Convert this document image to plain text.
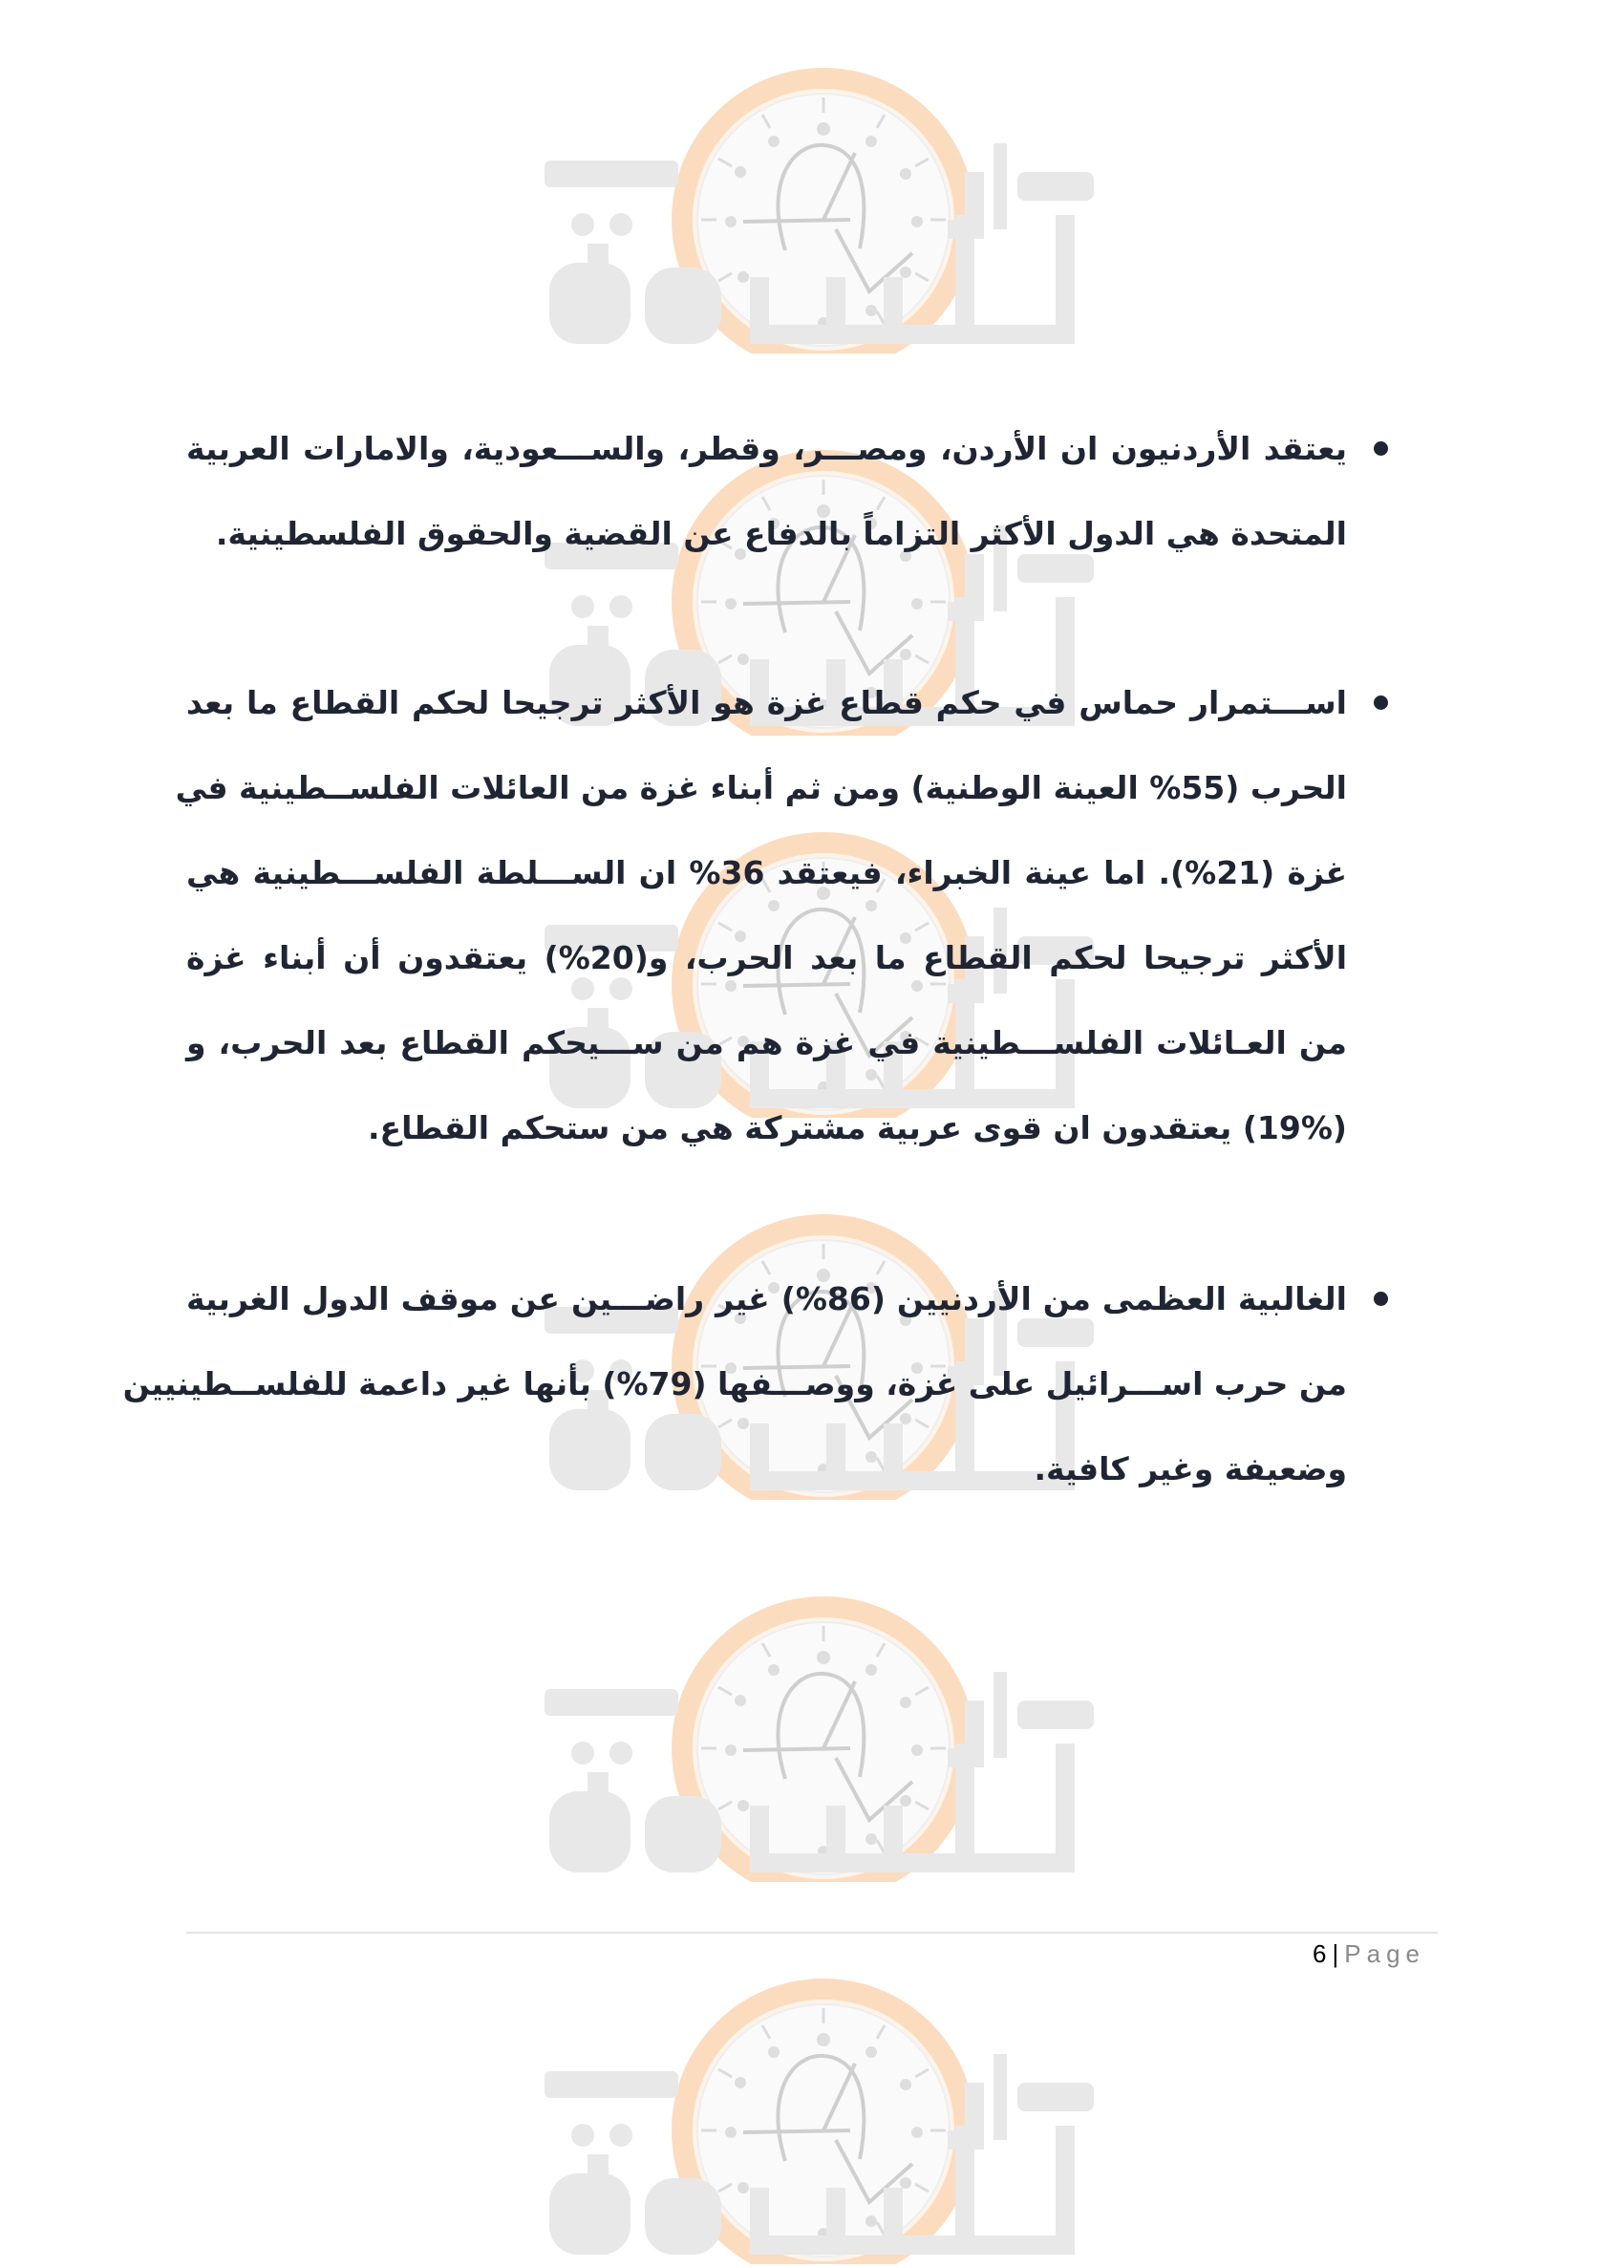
يعتقد الأردنيون ان الأردن، ومصـــر، وقطر، والســـعودية، والامارات العربية
المتحدة هي الدول الأكثر التزاماً بالدفاع عن القضية والحقوق الفلسطينية.
اســـتمرار حماس في حكم قطاع غزة هو الأكثر ترجيحا لحكم القطاع ما بعد
الحرب (55% العينة الوطنية) ومن ثم أبناء غزة من العائلات الفلســطينية في
غزة (21%). اما عينة الخبراء، فيعتقد 36% ان الســـلطة الفلســـطينية هي
الأكثر ترجيحا لحكم القطاع ما بعد الحرب، و(20%) يعتقدون أن أبناء غزة
من العـائلات الفلســـطينية في غزة هم من ســـيحكم القطاع بعد الحرب، و
(19%) يعتقدون ان قوى عربية مشتركة هي من ستحكم القطاع.
الغالبية العظمى من الأردنيين (86%) غير راضـــين عن موقف الدول الغربية
من حرب اســـرائيل على غزة، ووصـــفها (79%) بأنها غير داعمة للفلســطينيين
وضعيفة وغير كافية.
6 | Page
